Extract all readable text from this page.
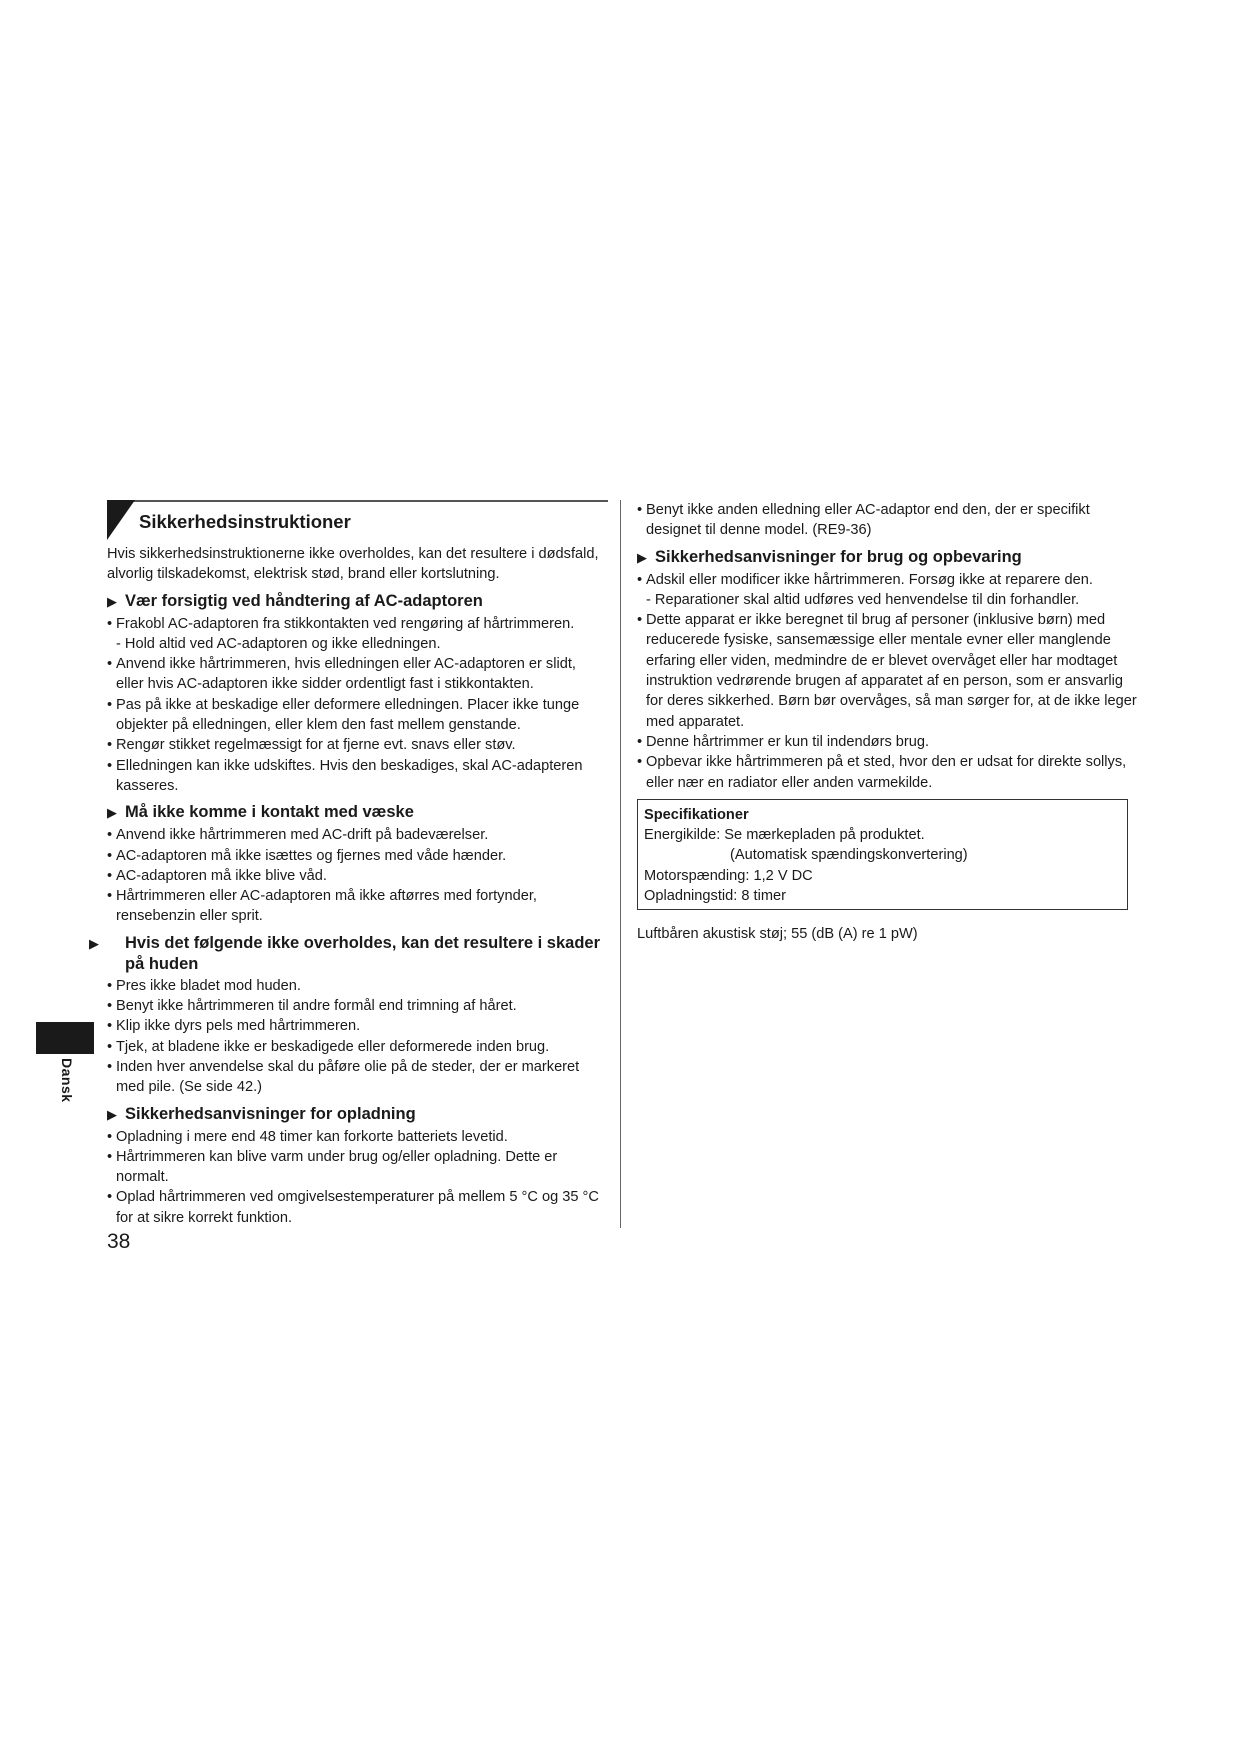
Dansk
Sikkerhedsinstruktioner
Hvis sikkerhedsinstruktionerne ikke overholdes, kan det resultere i dødsfald, alvorlig tilskadekomst, elektrisk stød, brand eller kortslutning.
▶ Vær forsigtig ved håndtering af AC-adaptoren
• Frakobl AC-adaptoren fra stikkontakten ved rengøring af hårtrimmeren.
- Hold altid ved AC-adaptoren og ikke elledningen.
• Anvend ikke hårtrimmeren, hvis elledningen eller AC-adaptoren er slidt, eller hvis AC-adaptoren ikke sidder ordentligt fast i stikkontakten.
• Pas på ikke at beskadige eller deformere elledningen. Placer ikke tunge objekter på elledningen, eller klem den fast mellem genstande.
• Rengør stikket regelmæssigt for at fjerne evt. snavs eller støv.
• Elledningen kan ikke udskiftes. Hvis den beskadiges, skal AC-adapteren kasseres.
▶ Må ikke komme i kontakt med væske
• Anvend ikke hårtrimmeren med AC-drift på badeværelser.
• AC-adaptoren må ikke isættes og fjernes med våde hænder.
• AC-adaptoren må ikke blive våd.
• Hårtrimmeren eller AC-adaptoren må ikke aftørres med fortynder, rensebenzin eller sprit.
▶ Hvis det følgende ikke overholdes, kan det resultere i skader på huden
• Pres ikke bladet mod huden.
• Benyt ikke hårtrimmeren til andre formål end trimning af håret.
• Klip ikke dyrs pels med hårtrimmeren.
• Tjek, at bladene ikke er beskadigede eller deformerede inden brug.
• Inden hver anvendelse skal du påføre olie på de steder, der er markeret med pile. (Se side 42.)
▶ Sikkerhedsanvisninger for opladning
• Opladning i mere end 48 timer kan forkorte batteriets levetid.
• Hårtrimmeren kan blive varm under brug og/eller opladning. Dette er normalt.
• Oplad hårtrimmeren ved omgivelsestemperaturer på mellem 5 °C og 35 °C for at sikre korrekt funktion.
• Benyt ikke anden elledning eller AC-adaptor end den, der er specifikt designet til denne model. (RE9-36)
▶ Sikkerhedsanvisninger for brug og opbevaring
• Adskil eller modificer ikke hårtrimmeren. Forsøg ikke at reparere den.
- Reparationer skal altid udføres ved henvendelse til din forhandler.
• Dette apparat er ikke beregnet til brug af personer (inklusive børn) med reducerede fysiske, sansemæssige eller mentale evner eller manglende erfaring eller viden, medmindre de er blevet overvåget eller har modtaget instruktion vedrørende brugen af apparatet af en person, som er ansvarlig for deres sikkerhed. Børn bør overvåges, så man sørger for, at de ikke leger med apparatet.
• Denne hårtrimmer er kun til indendørs brug.
• Opbevar ikke hårtrimmeren på et sted, hvor den er udsat for direkte sollys, eller nær en radiator eller anden varmekilde.
Specifikationer
Energikilde: Se mærkepladen på produktet.
(Automatisk spændingskonvertering)
Motorspænding: 1,2 V DC
Opladningstid: 8 timer
Luftbåren akustisk støj; 55 (dB (A) re 1 pW)
38
